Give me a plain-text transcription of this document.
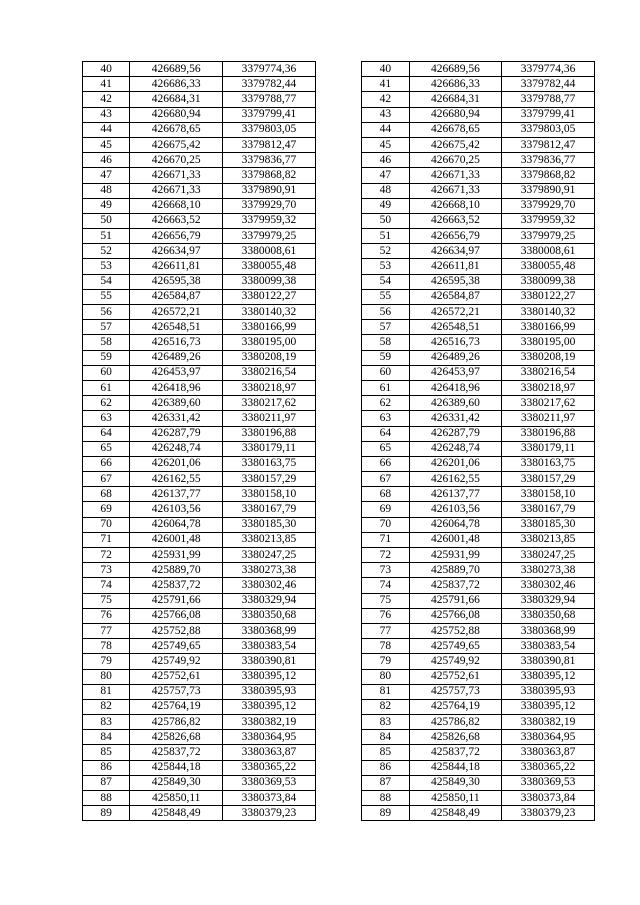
40	426689,56	3379774,36		40	426689,56	3379774,36
41	426686,33	3379782,44		41	426686,33	3379782,44
42	426684,31	3379788,77		42	426684,31	3379788,77
43	426680,94	3379799,41		43	426680,94	3379799,41
44	426678,65	3379803,05		44	426678,65	3379803,05
45	426675,42	3379812,47		45	426675,42	3379812,47
46	426670,25	3379836,77		46	426670,25	3379836,77
47	426671,33	3379868,82		47	426671,33	3379868,82
48	426671,33	3379890,91		48	426671,33	3379890,91
49	426668,10	3379929,70		49	426668,10	3379929,70
50	426663,52	3379959,32		50	426663,52	3379959,32
51	426656,79	3379979,25		51	426656,79	3379979,25
52	426634,97	3380008,61		52	426634,97	3380008,61
53	426611,81	3380055,48		53	426611,81	3380055,48
54	426595,38	3380099,38		54	426595,38	3380099,38
55	426584,87	3380122,27		55	426584,87	3380122,27
56	426572,21	3380140,32		56	426572,21	3380140,32
57	426548,51	3380166,99		57	426548,51	3380166,99
58	426516,73	3380195,00		58	426516,73	3380195,00
59	426489,26	3380208,19		59	426489,26	3380208,19
60	426453,97	3380216,54		60	426453,97	3380216,54
61	426418,96	3380218,97		61	426418,96	3380218,97
62	426389,60	3380217,62		62	426389,60	3380217,62
63	426331,42	3380211,97		63	426331,42	3380211,97
64	426287,79	3380196,88		64	426287,79	3380196,88
65	426248,74	3380179,11		65	426248,74	3380179,11
66	426201,06	3380163,75		66	426201,06	3380163,75
67	426162,55	3380157,29		67	426162,55	3380157,29
68	426137,77	3380158,10		68	426137,77	3380158,10
69	426103,56	3380167,79		69	426103,56	3380167,79
70	426064,78	3380185,30		70	426064,78	3380185,30
71	426001,48	3380213,85		71	426001,48	3380213,85
72	425931,99	3380247,25		72	425931,99	3380247,25
73	425889,70	3380273,38		73	425889,70	3380273,38
74	425837,72	3380302,46		74	425837,72	3380302,46
75	425791,66	3380329,94		75	425791,66	3380329,94
76	425766,08	3380350,68		76	425766,08	3380350,68
77	425752,88	3380368,99		77	425752,88	3380368,99
78	425749,65	3380383,54		78	425749,65	3380383,54
79	425749,92	3380390,81		79	425749,92	3380390,81
80	425752,61	3380395,12		80	425752,61	3380395,12
81	425757,73	3380395,93		81	425757,73	3380395,93
82	425764,19	3380395,12		82	425764,19	3380395,12
83	425786,82	3380382,19		83	425786,82	3380382,19
84	425826,68	3380364,95		84	425826,68	3380364,95
85	425837,72	3380363,87		85	425837,72	3380363,87
86	425844,18	3380365,22		86	425844,18	3380365,22
87	425849,30	3380369,53		87	425849,30	3380369,53
88	425850,11	3380373,84		88	425850,11	3380373,84
89	425848,49	3380379,23		89	425848,49	3380379,23
